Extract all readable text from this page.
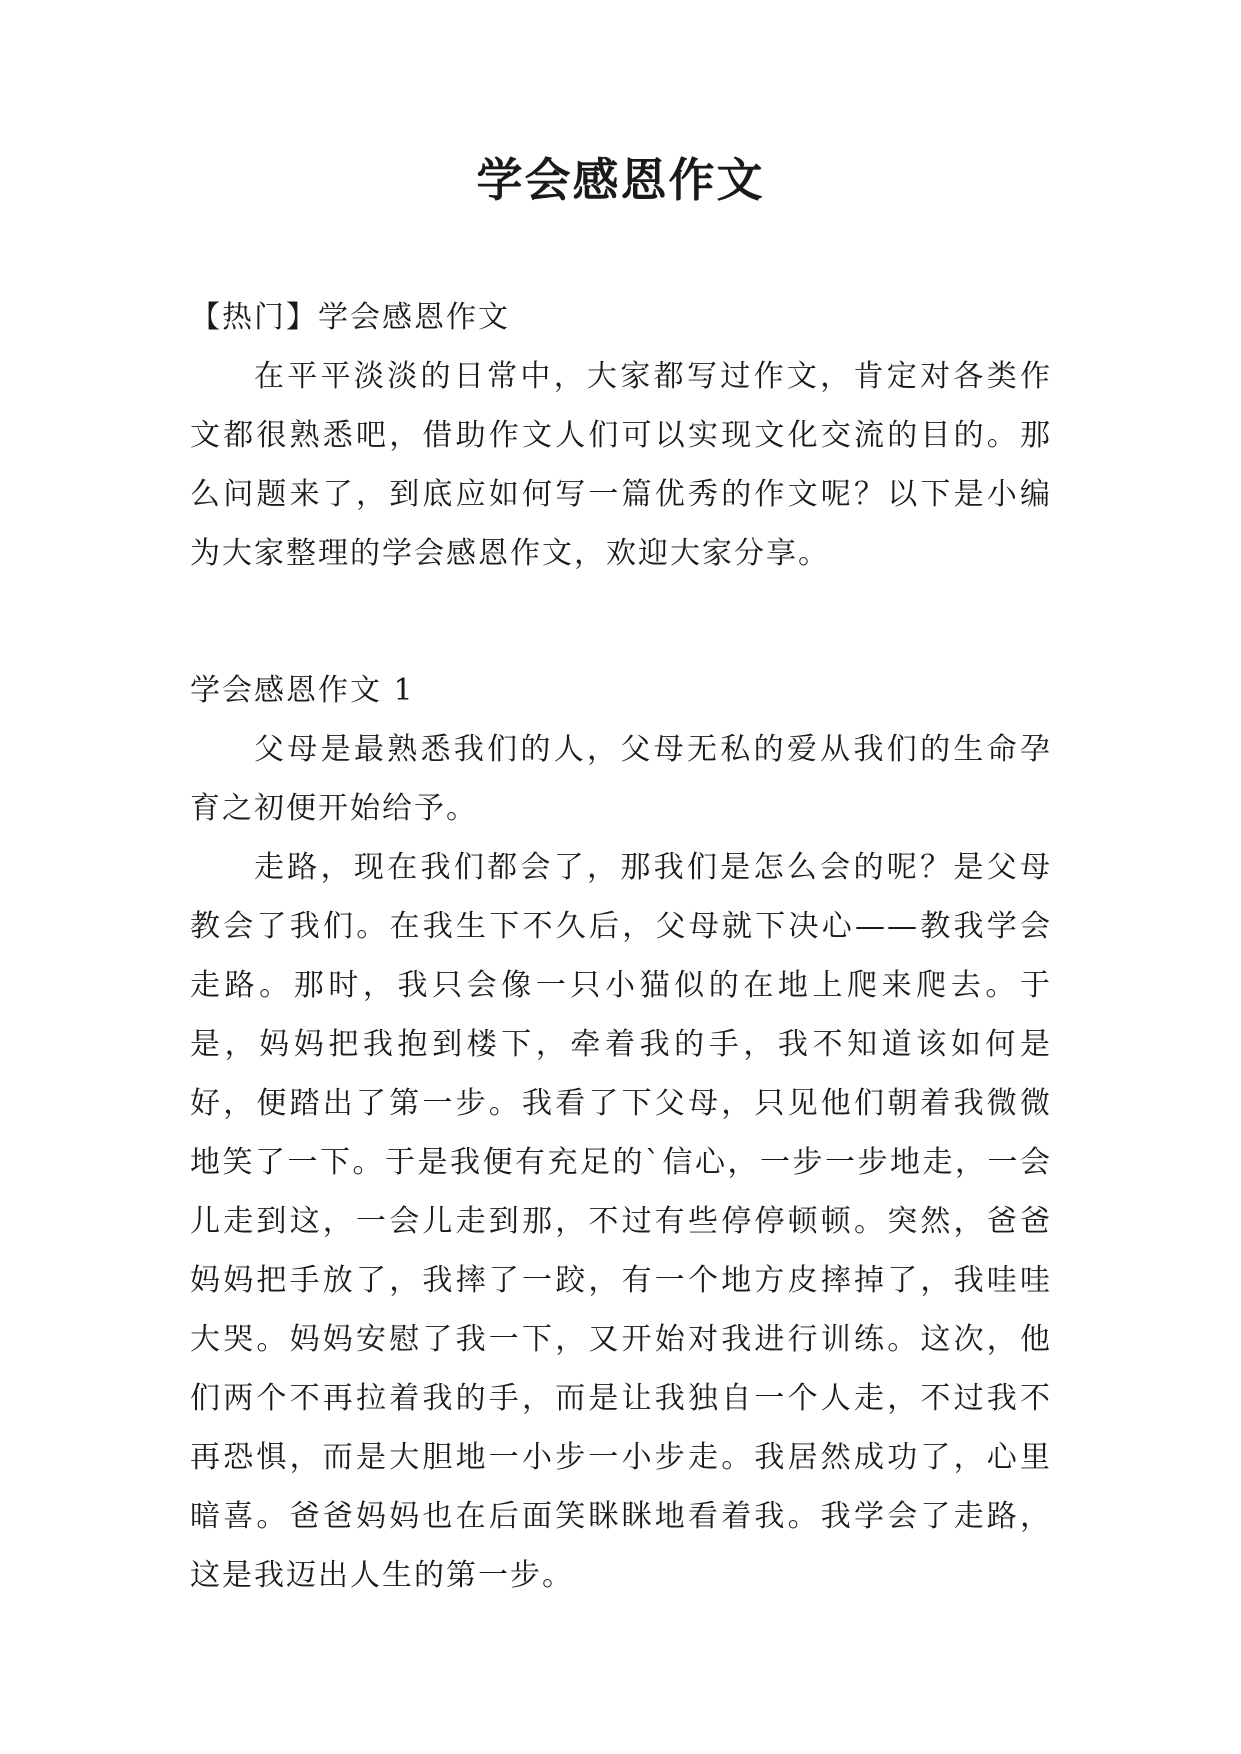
学会感恩作文

【热门】学会感恩作文

在平平淡淡的日常中，大家都写过作文，肯定对各类作文都很熟悉吧，借助作文人们可以实现文化交流的目的。那么问题来了，到底应如何写一篇优秀的作文呢？以下是小编为大家整理的学会感恩作文，欢迎大家分享。

学会感恩作文 1

父母是最熟悉我们的人，父母无私的爱从我们的生命孕育之初便开始给予。

走路，现在我们都会了，那我们是怎么会的呢？是父母教会了我们。在我生下不久后，父母就下决心——教我学会走路。那时，我只会像一只小猫似的在地上爬来爬去。于是，妈妈把我抱到楼下，牵着我的手，我不知道该如何是好，便踏出了第一步。我看了下父母，只见他们朝着我微微地笑了一下。于是我便有充足的`信心，一步一步地走，一会儿走到这，一会儿走到那，不过有些停停顿顿。突然，爸爸妈妈把手放了，我摔了一跤，有一个地方皮摔掉了，我哇哇大哭。妈妈安慰了我一下，又开始对我进行训练。这次，他们两个不再拉着我的手，而是让我独自一个人走，不过我不再恐惧，而是大胆地一小步一小步走。我居然成功了，心里暗喜。爸爸妈妈也在后面笑眯眯地看着我。我学会了走路，这是我迈出人生的第一步。
